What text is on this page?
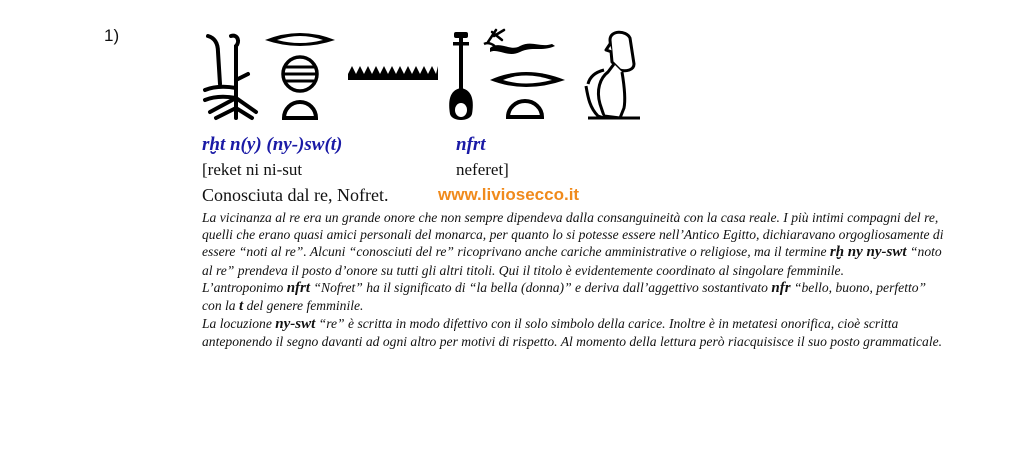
1)
rḫt n(y) (ny-)sw(t)	nfrt
[reket ni ni-sut	neferet]
Conosciuta dal re, Nofret.	www.liviosecco.it

La vicinanza al re era un grande onore che non sempre dipendeva dalla consanguineità con la casa reale. I più intimi compagni del re, quelli che erano quasi amici personali del monarca, per quanto lo si potesse essere nell’Antico Egitto, dichiaravano orgogliosamente di essere “noti al re”. Alcuni “conosciuti del re” ricoprivano anche cariche amministrative o religiose, ma il termine rḫ ny ny-swt “noto al re” prendeva il posto d’onore su tutti gli altri titoli. Qui il titolo è evidentemente coordinato al singolare femminile.

L’antroponimo nfrt “Nofret” ha il significato di “la bella (donna)” e deriva dall’aggettivo sostantivato nfr “bello, buono, perfetto” con la t del genere femminile.

La locuzione ny-swt “re” è scritta in modo difettivo con il solo simbolo della carice. Inoltre è in metatesi onorifica, cioè scritta anteponendo il segno davanti ad ogni altro per motivi di rispetto. Al momento della lettura però riacquisisce il suo posto grammaticale.
